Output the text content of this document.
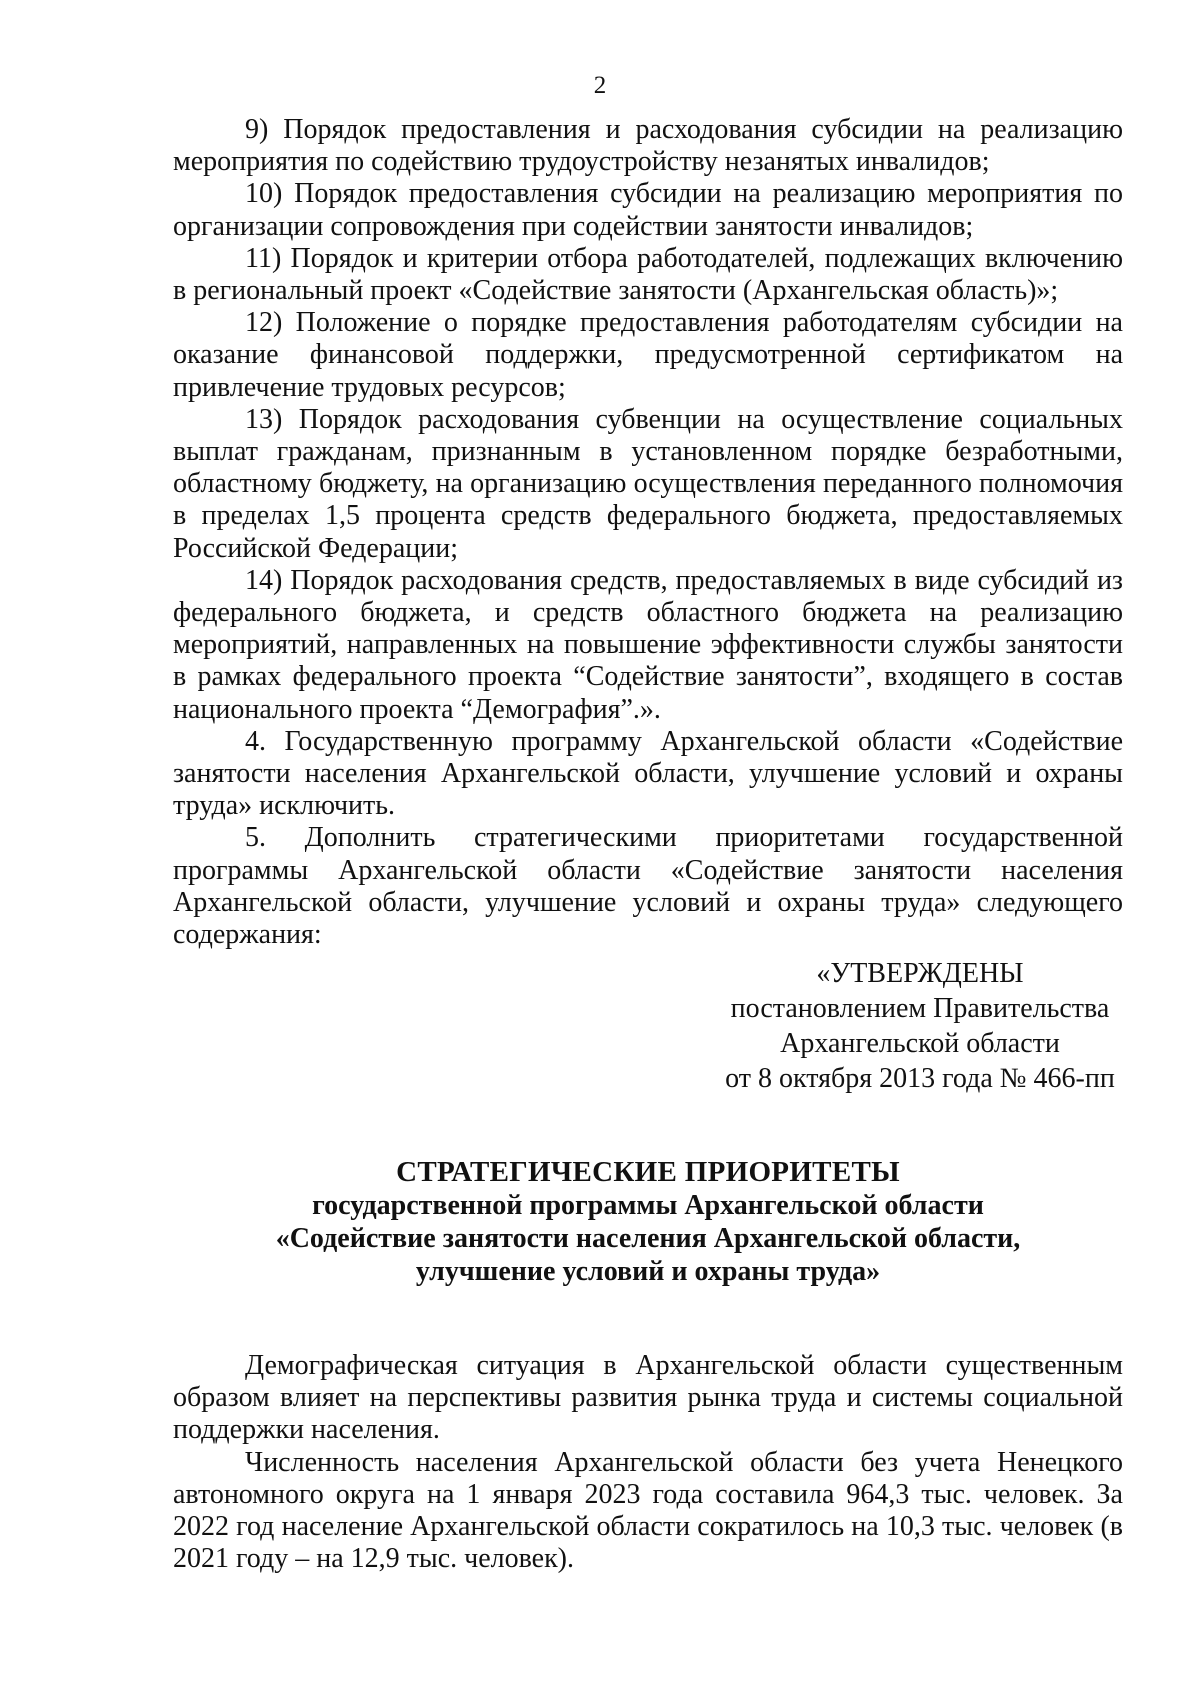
2

9) Порядок предоставления и расходования субсидии на реализацию мероприятия по содействию трудоустройству незанятых инвалидов;

10) Порядок предоставления субсидии на реализацию мероприятия по организации сопровождения при содействии занятости инвалидов;

11) Порядок и критерии отбора работодателей, подлежащих включению в региональный проект «Содействие занятости (Архангельская область)»;

12) Положение о порядке предоставления работодателям субсидии на оказание финансовой поддержки, предусмотренной сертификатом на привлечение трудовых ресурсов;

13) Порядок расходования субвенции на осуществление социальных выплат гражданам, признанным в установленном порядке безработными, областному бюджету, на организацию осуществления переданного полномочия в пределах 1,5 процента средств федерального бюджета, предоставляемых Российской Федерации;

14) Порядок расходования средств, предоставляемых в виде субсидий из федерального бюджета, и средств областного бюджета на реализацию мероприятий, направленных на повышение эффективности службы занятости в рамках федерального проекта “Содействие занятости”, входящего в состав национального проекта “Демография”.».

4. Государственную программу Архангельской области «Содействие занятости населения Архангельской области, улучшение условий и охраны труда» исключить.

5. Дополнить стратегическими приоритетами государственной программы Архангельской области «Содействие занятости населения Архангельской области, улучшение условий и охраны труда» следующего содержания:

«УТВЕРЖДЕНЫ
постановлением Правительства
Архангельской области
от 8 октября 2013 года № 466-пп
СТРАТЕГИЧЕСКИЕ ПРИОРИТЕТЫ
государственной программы Архангельской области
«Содействие занятости населения Архангельской области,
улучшение условий и охраны труда»

Демографическая ситуация в Архангельской области существенным образом влияет на перспективы развития рынка труда и системы социальной поддержки населения.

Численность населения Архангельской области без учета Ненецкого автономного округа на 1 января 2023 года составила 964,3 тыс. человек. За 2022 год население Архангельской области сократилось на 10,3 тыс. человек (в 2021 году – на 12,9 тыс. человек).
